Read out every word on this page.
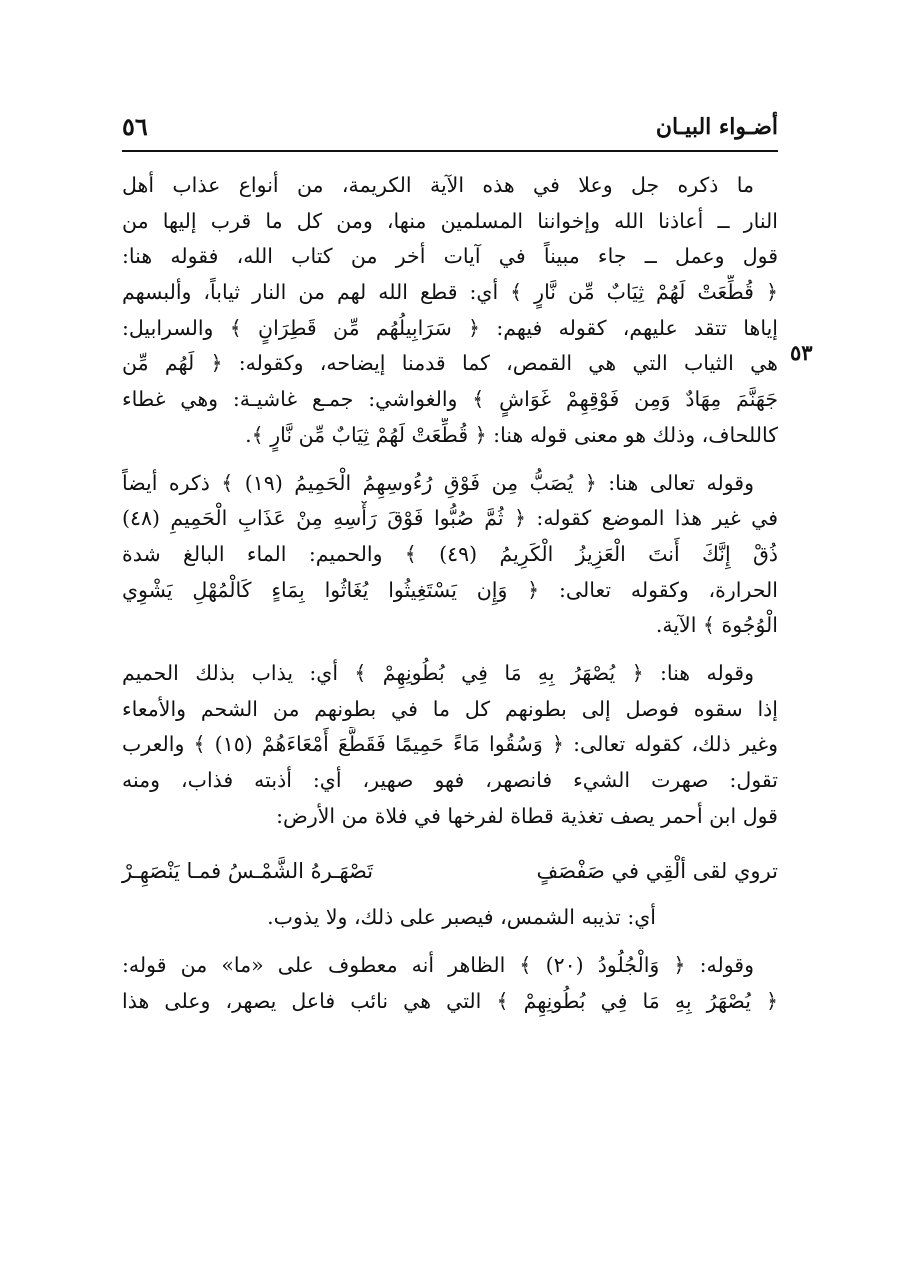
أضـواء البيـان
٥٦
٥٣
ما ذكره جل وعلا في هذه الآية الكريمة، من أنواع عذاب أهل
النار ــ أعاذنا الله وإخواننا المسلمين منها، ومن كل ما قرب إليها من
قول وعمل ــ جاء مبيناً في آيات أخر من كتاب الله، فقوله هنا:
﴿ قُطِّعَتْ لَهُمْ ثِيَابٌ مِّن نَّارٍ ﴾ أي: قطع الله لهم من النار ثياباً، وألبسهم
إياها تتقد عليهم، كقوله فيهم: ﴿ سَرَابِيلُهُم مِّن قَطِرَانٍ ﴾ والسرابيل:
هي الثياب التي هي القمص، كما قدمنا إيضاحه، وكقوله: ﴿ لَهُم مِّن
جَهَنَّمَ مِهَادٌ وَمِن فَوْقِهِمْ غَوَاشٍ ﴾ والغواشي: جمـع غاشيـة: وهي غطاء
كاللحاف، وذلك هو معنى قوله هنا: ﴿ قُطِّعَتْ لَهُمْ ثِيَابٌ مِّن نَّارٍ ﴾.
وقوله تعالى هنا: ﴿ يُصَبُّ مِن فَوْقِ رُءُوسِهِمُ الْحَمِيمُ (١٩) ﴾ ذكره أيضاً
في غير هذا الموضع كقوله: ﴿ ثُمَّ صُبُّوا فَوْقَ رَأْسِهِ مِنْ عَذَابِ الْحَمِيمِ (٤٨)
ذُقْ إِنَّكَ أَنتَ الْعَزِيزُ الْكَرِيمُ (٤٩) ﴾ والحميم: الماء البالغ شدة
الحرارة، وكقوله تعالى: ﴿ وَإِن يَسْتَغِيثُوا يُغَاثُوا بِمَاءٍ كَالْمُهْلِ يَشْوِي
الْوُجُوهَ ﴾ الآية.
وقوله هنا: ﴿ يُصْهَرُ بِهِ مَا فِي بُطُونِهِمْ ﴾ أي: يذاب بذلك الحميم
إذا سقوه فوصل إلى بطونهم كل ما في بطونهم من الشحم والأمعاء
وغير ذلك، كقوله تعالى: ﴿ وَسُقُوا مَاءً حَمِيمًا فَقَطَّعَ أَمْعَاءَهُمْ (١٥) ﴾ والعرب
تقول: صهرت الشيء فانصهر، فهو صهير، أي: أذبته فذاب، ومنه
قول ابن أحمر يصف تغذية قطاة لفرخها في فلاة من الأرض:
تروي لقى ألْقِي في صَفْصَفٍ
تَصْهَـرهُ الشَّمْـسُ فمـا يَنْصَهِـرْ
أي: تذيبه الشمس، فيصبر على ذلك، ولا يذوب.
وقوله: ﴿ وَالْجُلُودُ (٢٠) ﴾ الظاهر أنه معطوف على «ما» من قوله:
﴿ يُصْهَرُ بِهِ مَا فِي بُطُونِهِمْ ﴾ التي هي نائب فاعل يصهر، وعلى هذا
